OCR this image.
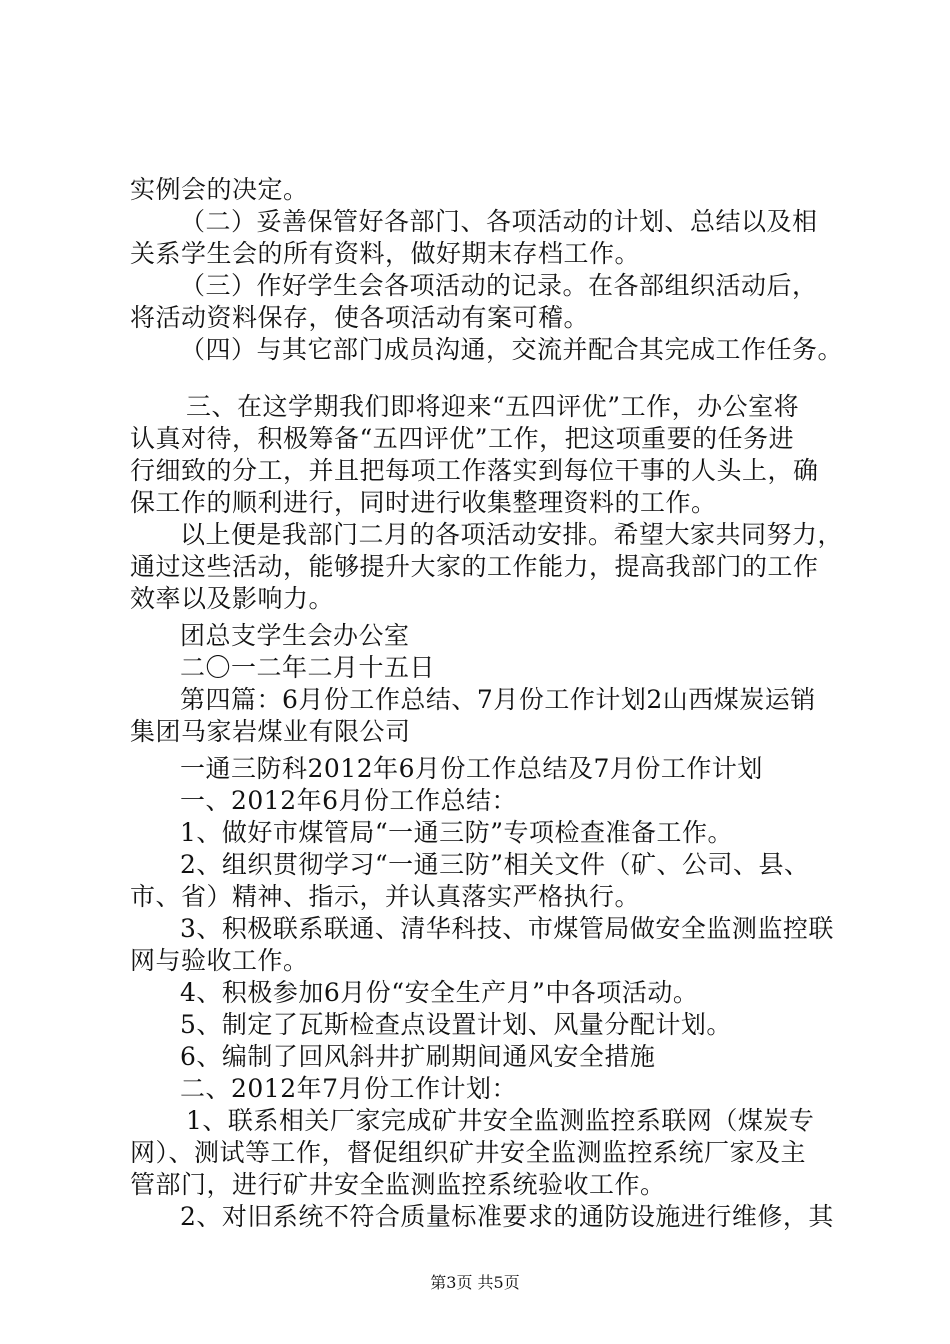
实例会的决定。
（二）妥善保管好各部门、各项活动的计划、总结以及相
关系学生会的所有资料，做好期末存档工作。
（三）作好学生会各项活动的记录。在各部组织活动后，
将活动资料保存，使各项活动有案可稽。
（四）与其它部门成员沟通，交流并配合其完成工作任务。
三、在这学期我们即将迎来“五四评优”工作，办公室将
认真对待，积极筹备“五四评优”工作，把这项重要的任务进
行细致的分工，并且把每项工作落实到每位干事的人头上，确
保工作的顺利进行，同时进行收集整理资料的工作。
以上便是我部门二月的各项活动安排。希望大家共同努力，
通过这些活动，能够提升大家的工作能力，提高我部门的工作
效率以及影响力。
团总支学生会办公室
二〇一二年二月十五日
第四篇：6月份工作总结、7月份工作计划2山西煤炭运销
集团马家岩煤业有限公司
一通三防科2012年6月份工作总结及7月份工作计划
一、2012年6月份工作总结：
1、做好市煤管局“一通三防”专项检查准备工作。
2、组织贯彻学习“一通三防”相关文件（矿、公司、县、
市、省）精神、指示，并认真落实严格执行。
3、积极联系联通、清华科技、市煤管局做安全监测监控联
网与验收工作。
4、积极参加6月份“安全生产月”中各项活动。
5、制定了瓦斯检查点设置计划、风量分配计划。
6、编制了回风斜井扩刷期间通风安全措施
二、2012年7月份工作计划：
1、联系相关厂家完成矿井安全监测监控系联网（煤炭专
网）、测试等工作，督促组织矿井安全监测监控系统厂家及主
管部门，进行矿井安全监测监控系统验收工作。
2、对旧系统不符合质量标准要求的通防设施进行维修，其
第3页 共5页
